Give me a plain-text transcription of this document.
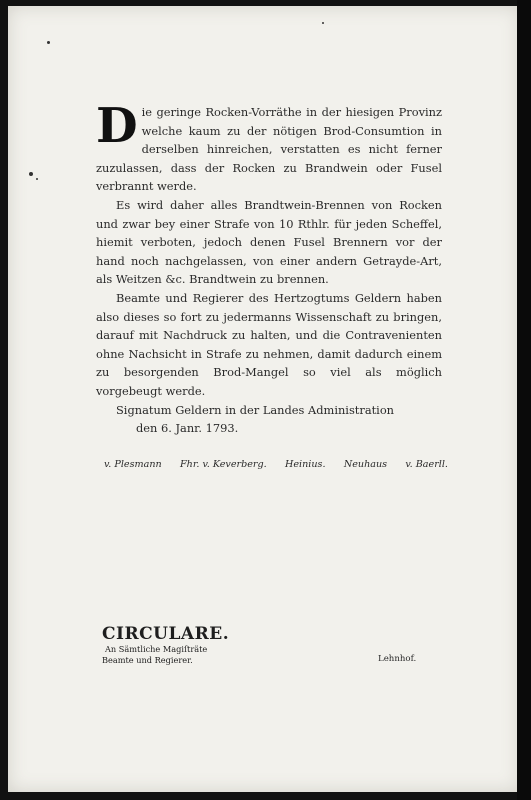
Die geringe Rocken-Vorräthe in der hiesigen Provinz welche kaum zu der nötigen Brod-Consumtion in derselben hinreichen, verstatten es nicht ferner zuzulassen, dass der Rocken zu Brandwein oder Fusel verbrannt werde.

Es wird daher alles Brandtwein-Brennen von Rocken und zwar bey einer Strafe von 10 Rthlr. für jeden Scheffel, hiemit verboten, jedoch denen Fusel Brennern vor der hand noch nachgelassen, von einer andern Getrayde-Art, als Weitzen &c. Brandtwein zu brennen.

Beamte und Regierer des Hertzogtums Geldern haben also dieses so fort zu jedermanns Wissenschaft zu bringen, darauf mit Nachdruck zu halten, und die Contravenienten ohne Nachsicht in Strafe zu nehmen, damit dadurch einem zu besorgenden Brod-Mangel so viel als möglich vorgebeugt werde.

Signatum Geldern in der Landes Administration

den 6. Janr. 1793.

v. Plesmann Fhr. v. Keverberg. Heinius. Neuhaus v. Baerll.
CIRCULARE.
An Sämtliche Magiſträte
Beamte und Regierer.	Lehnhof.
